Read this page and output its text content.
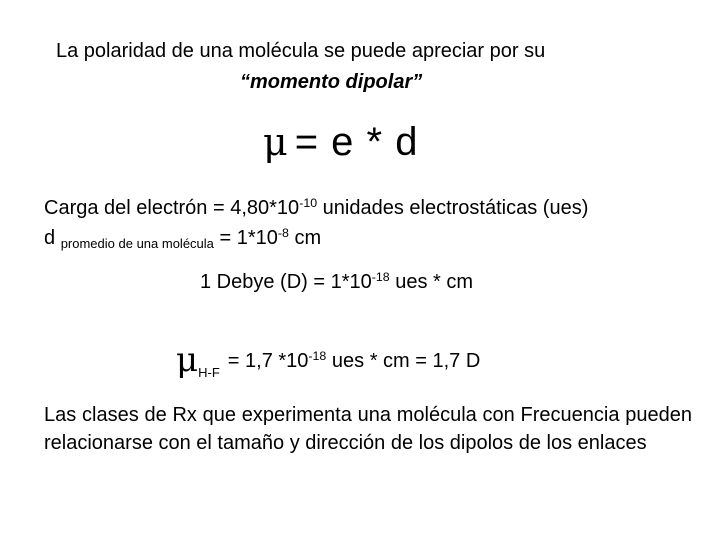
La polaridad de una molécula se puede apreciar por su
“momento dipolar”
μ = e * d
Carga del electrón = $4,80*10^{-10}$ unidades electrostáticas (ues)
d $_{promedio de una molécula} = 1*10^{-8}$ cm
1 Debye $(D) = 1*10^{-18}$ ues * cm
$\mu_{H-F}= 1,7$ $*10^{-18}$ ues * cm = 1,7 D
Las clases de Rx que experimenta una molécula con Frecuencia pueden relacionarse con el tamaño y dirección de los dipolos de los enlaces
